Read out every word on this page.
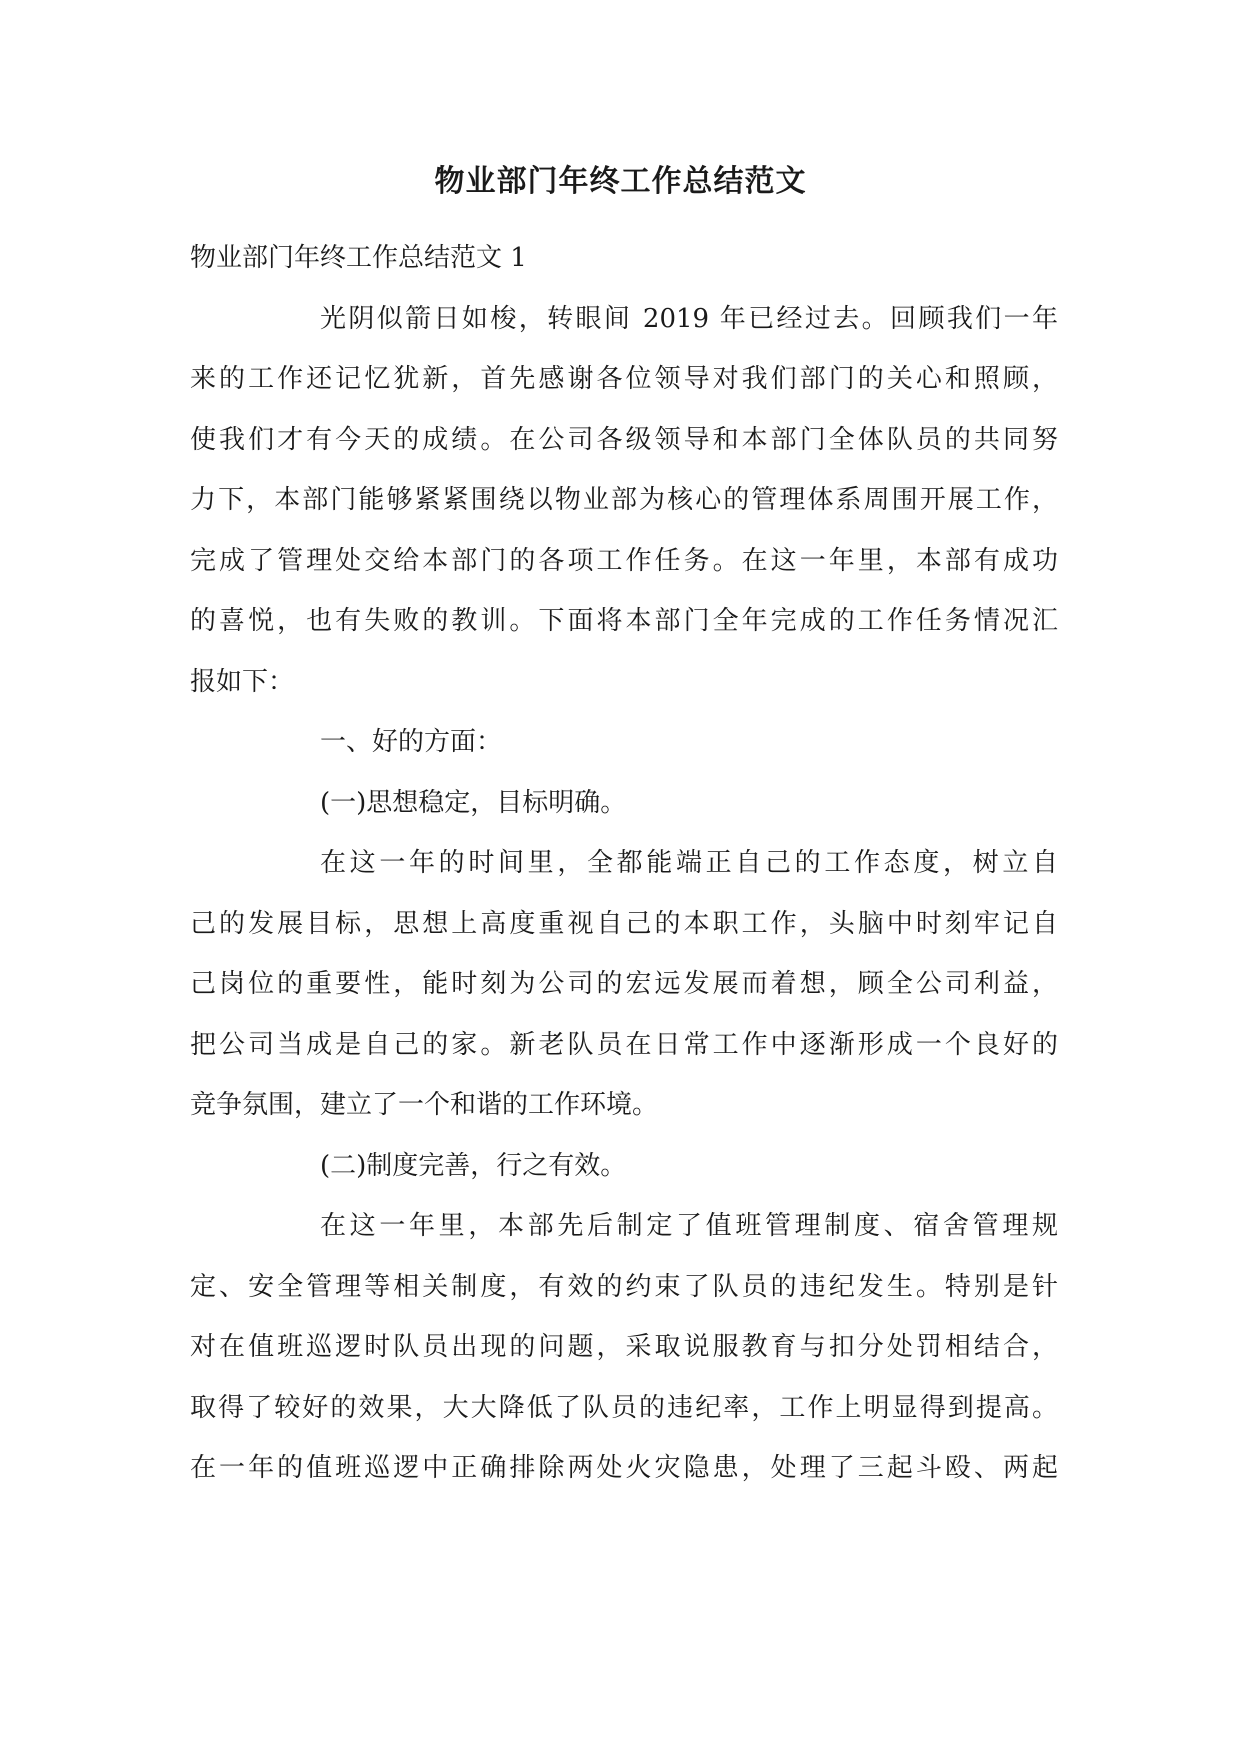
物业部门年终工作总结范文
物业部门年终工作总结范文 1
光阴似箭日如梭，转眼间 2019 年已经过去。回顾我们一年
来的工作还记忆犹新，首先感谢各位领导对我们部门的关心和照顾，
使我们才有今天的成绩。在公司各级领导和本部门全体队员的共同努
力下，本部门能够紧紧围绕以物业部为核心的管理体系周围开展工作，
完成了管理处交给本部门的各项工作任务。在这一年里，本部有成功
的喜悦，也有失败的教训。下面将本部门全年完成的工作任务情况汇
报如下：
一、好的方面：
(一)思想稳定，目标明确。
在这一年的时间里，全都能端正自己的工作态度，树立自
己的发展目标，思想上高度重视自己的本职工作，头脑中时刻牢记自
己岗位的重要性，能时刻为公司的宏远发展而着想，顾全公司利益，
把公司当成是自己的家。新老队员在日常工作中逐渐形成一个良好的
竞争氛围，建立了一个和谐的工作环境。
(二)制度完善，行之有效。
在这一年里，本部先后制定了值班管理制度、宿舍管理规
定、安全管理等相关制度，有效的约束了队员的违纪发生。特别是针
对在值班巡逻时队员出现的问题，采取说服教育与扣分处罚相结合，
取得了较好的效果，大大降低了队员的违纪率，工作上明显得到提高。
在一年的值班巡逻中正确排除两处火灾隐患，处理了三起斗殴、两起
